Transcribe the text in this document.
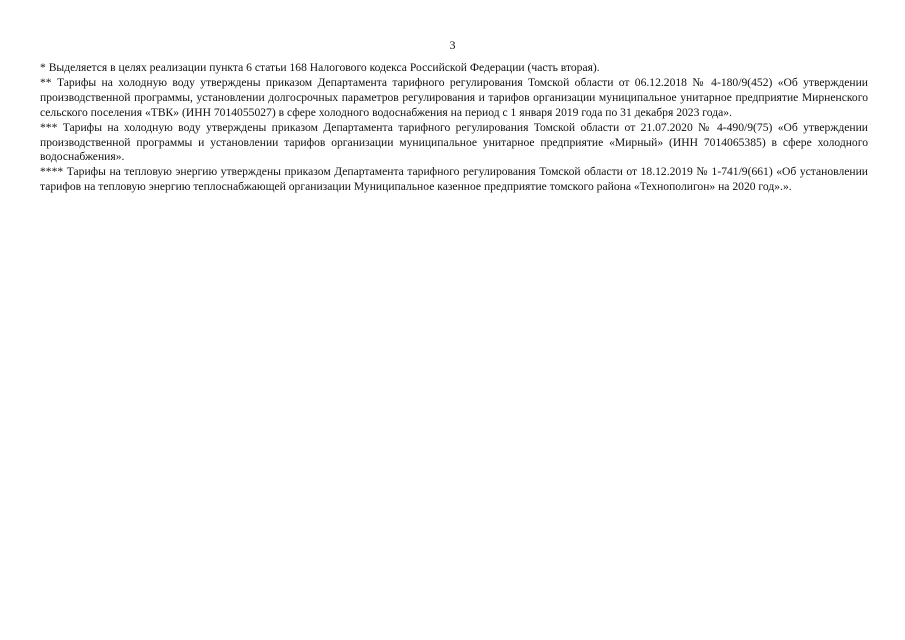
3

* Выделяется в целях реализации пункта 6 статьи 168 Налогового кодекса Российской Федерации (часть вторая).

** Тарифы на холодную воду утверждены приказом Департамента тарифного регулирования Томской области от 06.12.2018 № 4-180/9(452) «Об утверждении производственной программы, установлении долгосрочных параметров регулирования и тарифов организации муниципальное унитарное предприятие Мирненского сельского поселения «ТВК» (ИНН 7014055027) в сфере холодного водоснабжения на период с 1 января 2019 года по 31 декабря 2023 года».

*** Тарифы на холодную воду утверждены приказом Департамента тарифного регулирования Томской области от 21.07.2020 № 4-490/9(75) «Об утверждении производственной программы и установлении тарифов организации муниципальное унитарное предприятие «Мирный» (ИНН 7014065385) в сфере холодного водоснабжения».

**** Тарифы на тепловую энергию утверждены приказом Департамента тарифного регулирования Томской области от 18.12.2019 № 1-741/9(661) «Об установлении тарифов на тепловую энергию теплоснабжающей организации Муниципальное казенное предприятие томского района «Технополигон» на 2020 год».».
